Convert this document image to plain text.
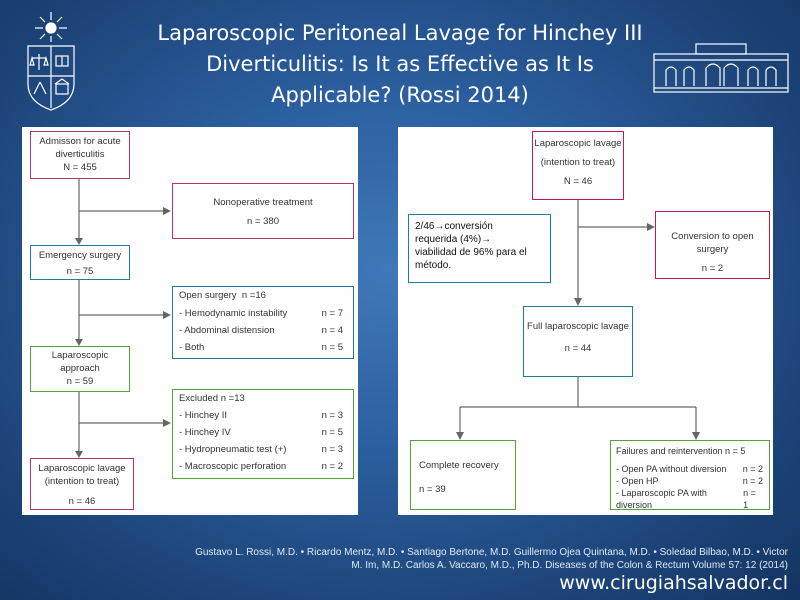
Laparoscopic Peritoneal Lavage for Hinchey III
Diverticulitis: Is It as Effective as It Is
Applicable? (Rossi 2014)
Admisson for acute
diverticulitis
N = 455
Nonoperative treatment
n = 380
Emergency surgery
n = 75
Open surgery n =16
- Hemodynamic instability	n = 7
- Abdominal distension	n = 4
- Both	n = 5
Laparoscopic
approach
n = 59
Excluded n =13
- Hinchey II	n = 3
- Hinchey IV	n = 5
- Hydropneumatic test (+)	n = 3
- Macroscopic perforation	n = 2
Laparoscopic lavage
(intention to treat)
n = 46
Laparoscopic lavage
(intention to treat)
N = 46
2/46→conversión
requerida (4%)→
viabilidad de 96% para el
método.
Conversion to open surgery
n = 2
Full laparoscopic lavage
n = 44
Complete recovery
n = 39
Failures and reintervention n = 5
- Open PA without diversion n = 2
- Open HP	n = 2
- Laparoscopic PA with diversion
n = 1
Gustavo L. Rossi, M.D. • Ricardo Mentz, M.D. • Santiago Bertone, M.D. Guillermo Ojea Quintana, M.D. • Soledad Bilbao, M.D. • Victor
M. Im, M.D. Carlos A. Vaccaro, M.D., Ph.D. Diseases of the Colon & Rectum Volume 57: 12 (2014)
www.cirugiahsalvador.cl
